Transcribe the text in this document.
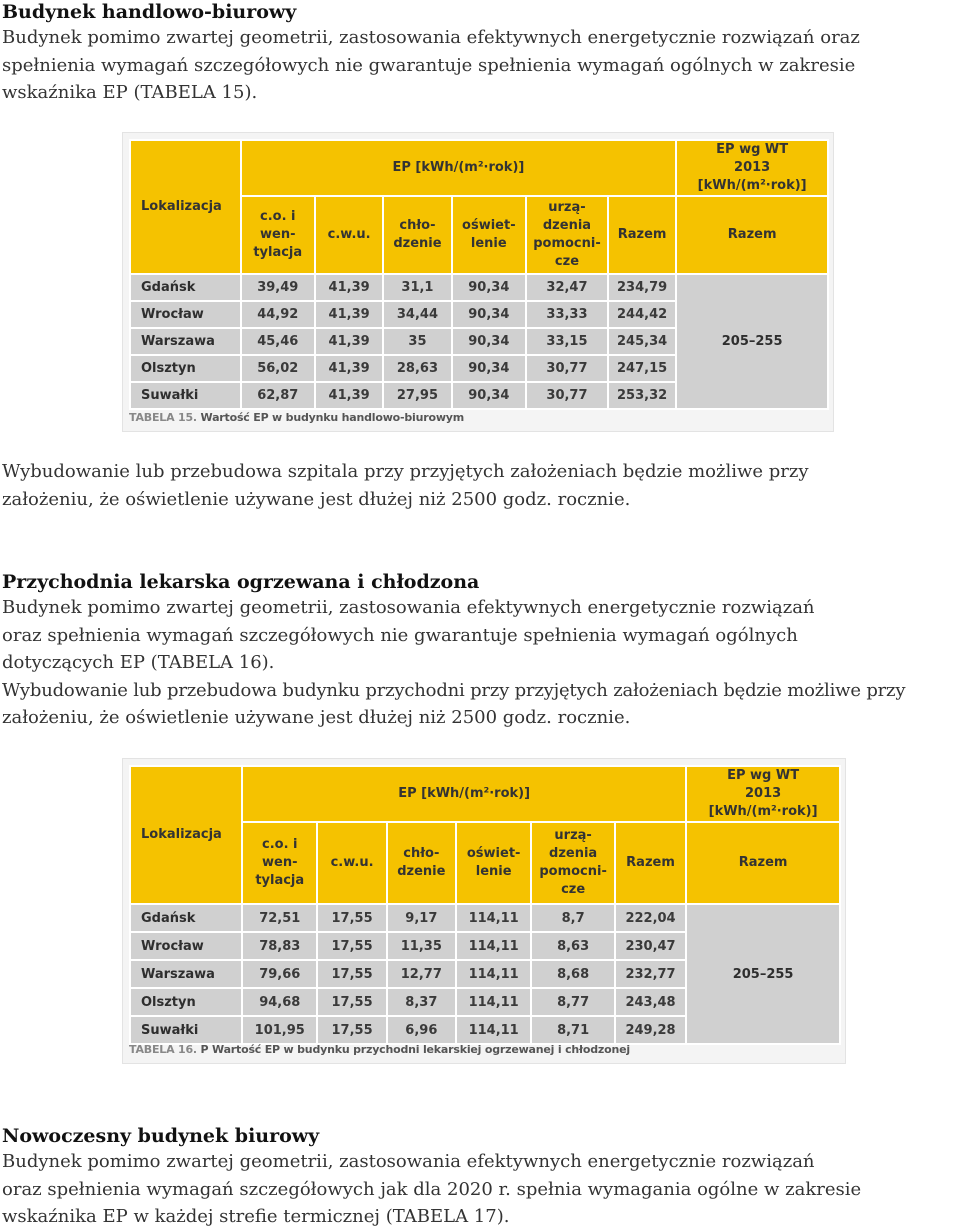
Budynek handlowo-biurowy
Budynek pomimo zwartej geometrii, zastosowania efektywnych energetycznie rozwiązań oraz
spełnienia wymagań szczegółowych nie gwarantuje spełnienia wymagań ogólnych w zakresie
wskaźnika EP (TABELA 15).
Lokalizacja	EP [kWh/(m²·rok)]						EP wg WT 2013 [kWh/(m²·rok)]
	c.o. i wen- tylacja	c.w.u.	chło- dzenie	oświet- lenie	urzą- dzenia pomocni- cze	Razem	Razem
Gdańsk	39,49	41,39	31,1	90,34	32,47	234,79	205–255
Wrocław	44,92	41,39	34,44	90,34	33,33	244,42	
Warszawa	45,46	41,39	35	90,34	33,15	245,34	
Olsztyn	56,02	41,39	28,63	90,34	30,77	247,15	
Suwałki	62,87	41,39	27,95	90,34	30,77	253,32	
TABELA 15. Wartość EP w budynku handlowo-biurowym
Wybudowanie lub przebudowa szpitala przy przyjętych założeniach będzie możliwe przy
założeniu, że oświetlenie używane jest dłużej niż 2500 godz. rocznie.
Przychodnia lekarska ogrzewana i chłodzona
Budynek pomimo zwartej geometrii, zastosowania efektywnych energetycznie rozwiązań
oraz spełnienia wymagań szczegółowych nie gwarantuje spełnienia wymagań ogólnych
dotyczących EP (TABELA 16).
Wybudowanie lub przebudowa budynku przychodni przy przyjętych założeniach będzie możliwe przy
założeniu, że oświetlenie używane jest dłużej niż 2500 godz. rocznie.
Lokalizacja	EP [kWh/(m²·rok)]						EP wg WT 2013 [kWh/(m²·rok)]
	c.o. i wen- tylacja	c.w.u.	chło- dzenie	oświet- lenie	urzą- dzenia pomocni- cze	Razem	Razem
Gdańsk	72,51	17,55	9,17	114,11	8,7	222,04	205–255
Wrocław	78,83	17,55	11,35	114,11	8,63	230,47	
Warszawa	79,66	17,55	12,77	114,11	8,68	232,77	
Olsztyn	94,68	17,55	8,37	114,11	8,77	243,48	
Suwałki	101,95	17,55	6,96	114,11	8,71	249,28	
TABELA 16. P Wartość EP w budynku przychodni lekarskiej ogrzewanej i chłodzonej
Nowoczesny budynek biurowy
Budynek pomimo zwartej geometrii, zastosowania efektywnych energetycznie rozwiązań
oraz spełnienia wymagań szczegółowych jak dla 2020 r. spełnia wymagania ogólne w zakresie
wskaźnika EP w każdej strefie termicznej (TABELA 17).
